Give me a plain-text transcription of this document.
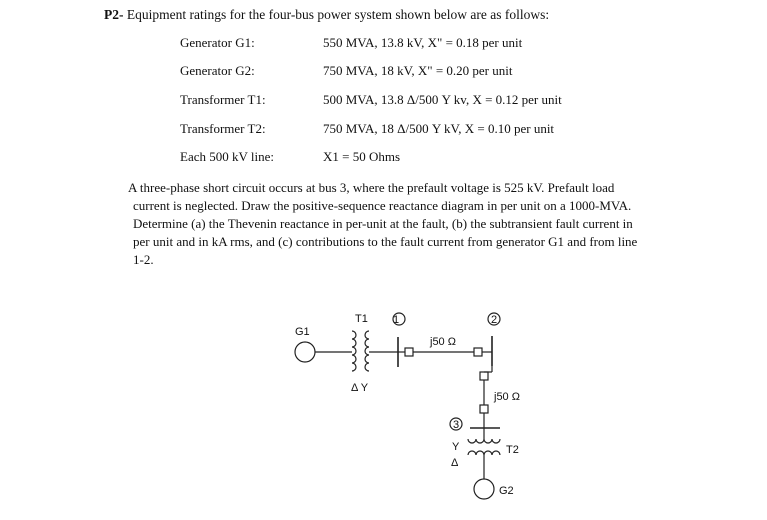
P2- Equipment ratings for the four-bus power system shown below are as follows:
Generator G1:	550 MVA, 13.8 kV, X" = 0.18 per unit
Generator G2:	750 MVA, 18 kV, X" = 0.20 per unit
Transformer T1:	500 MVA, 13.8 Δ/500 Y kv, X = 0.12 per unit
Transformer T2:	750 MVA, 18 Δ/500 Y kV, X = 0.10 per unit
Each 500 kV line:	X1 = 50 Ohms
A three-phase short circuit occurs at bus 3, where the prefault voltage is 525 kV. Prefault load
current is neglected. Draw the positive-sequence reactance diagram in per unit on a 1000-MVA.
Determine (a) the Thevenin reactance in per-unit at the fault, (b) the subtransient fault current in
per unit and in kA rms, and (c) contributions to the fault current from generator G1 and from line
1-2.
G1
T1
Δ Y
j50 Ω
j50 Ω
1	2
3
Y
Δ
T2
G2
